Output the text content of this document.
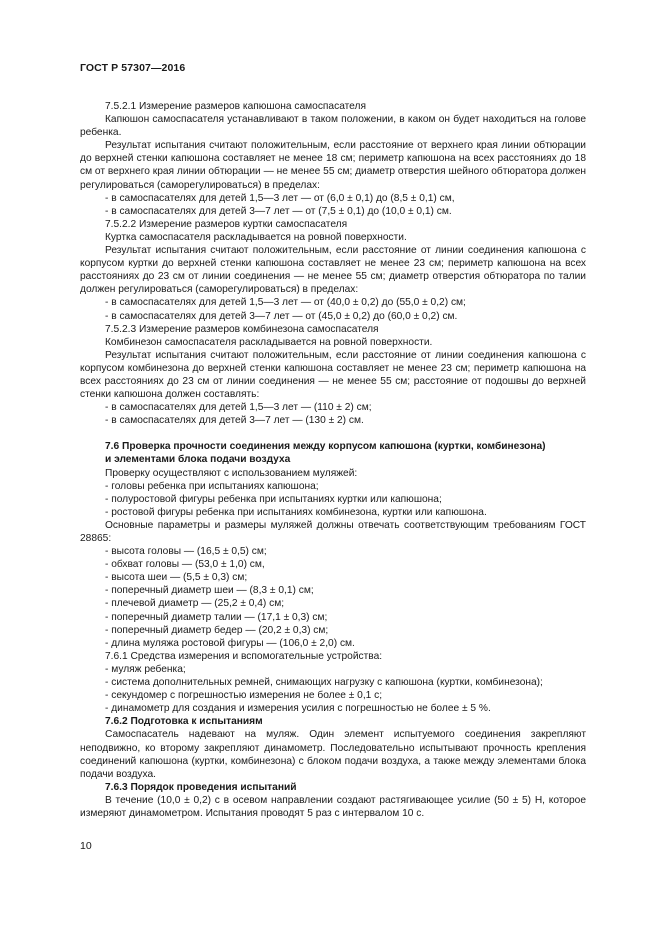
ГОСТ Р 57307—2016

7.5.2.1 Измерение размеров капюшона самоспасателя

Капюшон самоспасателя устанавливают в таком положении, в каком он будет находиться на голове ребенка.

Результат испытания считают положительным, если расстояние от верхнего края линии обтюрации до верхней стенки капюшона составляет не менее 18 см; периметр капюшона на всех расстояниях до 18 см от верхнего края линии обтюрации — не менее 55 см; диаметр отверстия шейного обтюратора должен регулироваться (саморегулироваться) в пределах:

- в самоспасателях для детей 1,5—3 лет — от (6,0 ± 0,1) до (8,5 ± 0,1) см,

- в самоспасателях для детей 3—7 лет — от (7,5 ± 0,1) до (10,0 ± 0,1) см.

7.5.2.2 Измерение размеров куртки самоспасателя

Куртка самоспасателя раскладывается на ровной поверхности.

Результат испытания считают положительным, если расстояние от линии соединения капюшона с корпусом куртки до верхней стенки капюшона составляет не менее 23 см; периметр капюшона на всех расстояниях до 23 см от линии соединения — не менее 55 см; диаметр отверстия обтюратора по талии должен регулироваться (саморегулироваться) в пределах:

- в самоспасателях для детей 1,5—3 лет — от (40,0 ± 0,2) до (55,0 ± 0,2) см;

- в самоспасателях для детей 3—7 лет — от (45,0 ± 0,2) до (60,0 ± 0,2) см.

7.5.2.3 Измерение размеров комбинезона самоспасателя

Комбинезон самоспасателя раскладывается на ровной поверхности.

Результат испытания считают положительным, если расстояние от линии соединения капюшона с корпусом комбинезона до верхней стенки капюшона составляет не менее 23 см; периметр капюшона на всех расстояниях до 23 см от линии соединения — не менее 55 см; расстояние от подошвы до верхней стенки капюшона должен составлять:

- в самоспасателях для детей 1,5—3 лет — (110 ± 2) см;

- в самоспасателях для детей 3—7 лет — (130 ± 2) см.

7.6 Проверка прочности соединения между корпусом капюшона (куртки, комбинезона)
и элементами блока подачи воздуха

Проверку осуществляют с использованием муляжей:

- головы ребенка при испытаниях капюшона;

- полуростовой фигуры ребенка при испытаниях куртки или капюшона;

- ростовой фигуры ребенка при испытаниях комбинезона, куртки или капюшона.

Основные параметры и размеры муляжей должны отвечать соответствующим требованиям ГОСТ 28865:

- высота головы — (16,5 ± 0,5) см;

- обхват головы — (53,0 ± 1,0) см,

- высота шеи — (5,5 ± 0,3) см;

- поперечный диаметр шеи — (8,3 ± 0,1) см;

- плечевой диаметр — (25,2 ± 0,4) см;

- поперечный диаметр талии — (17,1 ± 0,3) см;

- поперечный диаметр бедер — (20,2 ± 0,3) см;

- длина муляжа ростовой фигуры — (106,0 ± 2,0) см.

7.6.1 Средства измерения и вспомогательные устройства:

- муляж ребенка;

- система дополнительных ремней, снимающих нагрузку с капюшона (куртки, комбинезона);

- секундомер с погрешностью измерения не более ± 0,1 с;

- динамометр для создания и измерения усилия с погрешностью не более ± 5 %.

7.6.2 Подготовка к испытаниям

Самоспасатель надевают на муляж. Один элемент испытуемого соединения закрепляют неподвижно, ко второму закрепляют динамометр. Последовательно испытывают прочность крепления соединений капюшона (куртки, комбинезона) с блоком подачи воздуха, а также между элементами блока подачи воздуха.

7.6.3 Порядок проведения испытаний

В течение (10,0 ± 0,2) с в осевом направлении создают растягивающее усилие (50 ± 5) Н, которое измеряют динамометром. Испытания проводят 5 раз с интервалом 10 с.

10
